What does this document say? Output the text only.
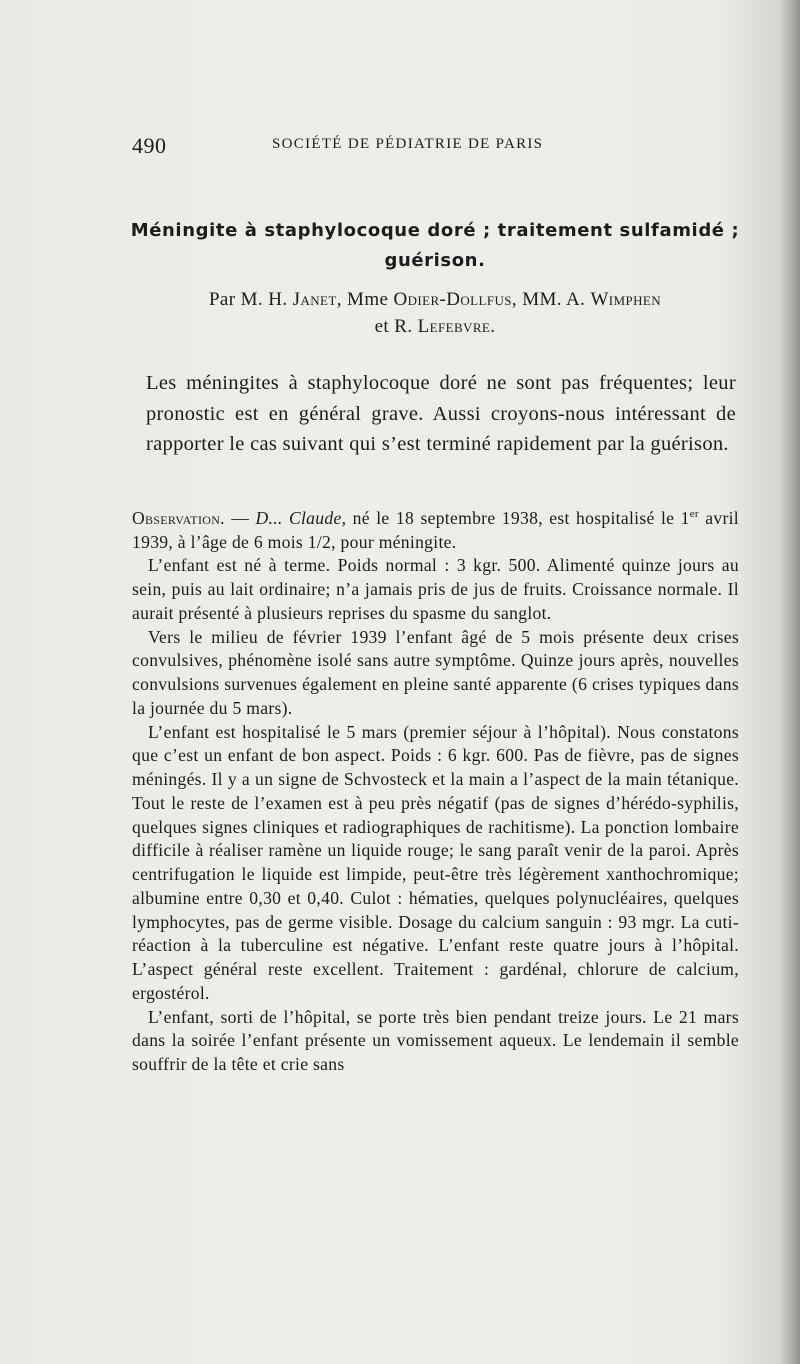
490	SOCIÉTÉ DE PÉDIATRIE DE PARIS
Méningite à staphylocoque doré ; traitement sulfamidé ;
guérison.
Par M. H. Janet, Mme Odier-Dollfus, MM. A. Wimphen
et R. Lefebvre.

Les méningites à staphylocoque doré ne sont pas fréquentes; leur pronostic est en général grave. Aussi croyons-nous intéressant de rapporter le cas suivant qui s’est terminé rapidement par la guérison.

Observation. — D... Claude, né le 18 septembre 1938, est hospitalisé le 1er avril 1939, à l’âge de 6 mois 1/2, pour méningite.

L’enfant est né à terme. Poids normal : 3 kgr. 500. Alimenté quinze jours au sein, puis au lait ordinaire; n’a jamais pris de jus de fruits. Croissance normale. Il aurait présenté à plusieurs reprises du spasme du sanglot.

Vers le milieu de février 1939 l’enfant âgé de 5 mois présente deux crises convulsives, phénomène isolé sans autre symptôme. Quinze jours après, nouvelles convulsions survenues également en pleine santé apparente (6 crises typiques dans la journée du 5 mars).

L’enfant est hospitalisé le 5 mars (premier séjour à l’hôpital). Nous constatons que c’est un enfant de bon aspect. Poids : 6 kgr. 600. Pas de fièvre, pas de signes méningés. Il y a un signe de Schvosteck et la main a l’aspect de la main tétanique. Tout le reste de l’examen est à peu près négatif (pas de signes d’hérédo-syphilis, quelques signes cliniques et radiographiques de rachitisme). La ponction lombaire difficile à réaliser ramène un liquide rouge; le sang paraît venir de la paroi. Après centrifugation le liquide est limpide, peut-être très légèrement xanthochromique; albumine entre 0,30 et 0,40. Culot : hématies, quelques polynucléaires, quelques lymphocytes, pas de germe visible. Dosage du calcium sanguin : 93 mgr. La cuti-réaction à la tuberculine est négative. L’enfant reste quatre jours à l’hôpital. L’aspect général reste excellent. Traitement : gardénal, chlorure de calcium, ergostérol.

L’enfant, sorti de l’hôpital, se porte très bien pendant treize jours. Le 21 mars dans la soirée l’enfant présente un vomissement aqueux. Le lendemain il semble souffrir de la tête et crie sans
